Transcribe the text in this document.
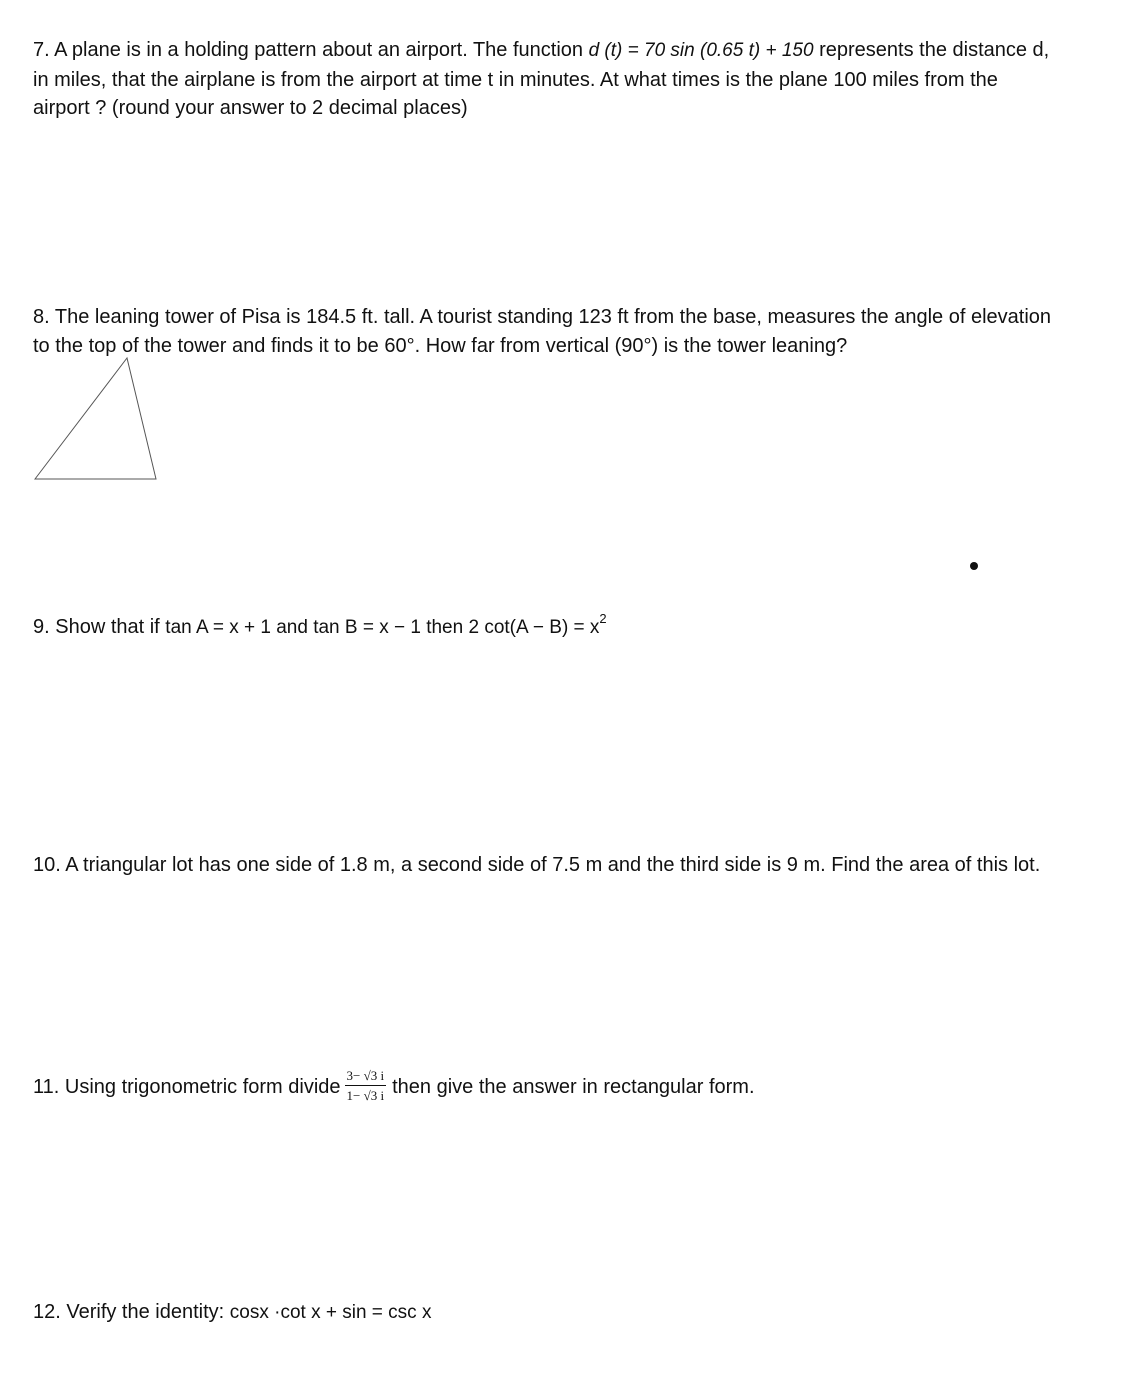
7. A plane is in a holding pattern about an airport. The function d (t) = 70 sin (0.65 t) + 150 represents the distance d,
in miles, that the airplane is from the airport at time t in minutes. At what times is the plane 100 miles from the
airport ? (round your answer to 2 decimal places)
8. The leaning tower of Pisa is 184.5 ft. tall. A tourist standing 123 ft from the base, measures the angle of elevation
to the top of the tower and finds it to be 60°. How far from vertical (90°) is the tower leaning?
9. Show that if tan A = x + 1 and tan B = x − 1 then 2 $\cot(A - B) = x^2$
10. A triangular lot has one side of 1.8 m, a second side of 7.5 m and the third side is 9 m. Find the area of this lot.
11. Using trigonometric form divide $\frac{3- √3 i}{1- √3 i}$ then give the answer in rectangular form.
12. Verify the identity: cosx ·cot x + sin = csc x
